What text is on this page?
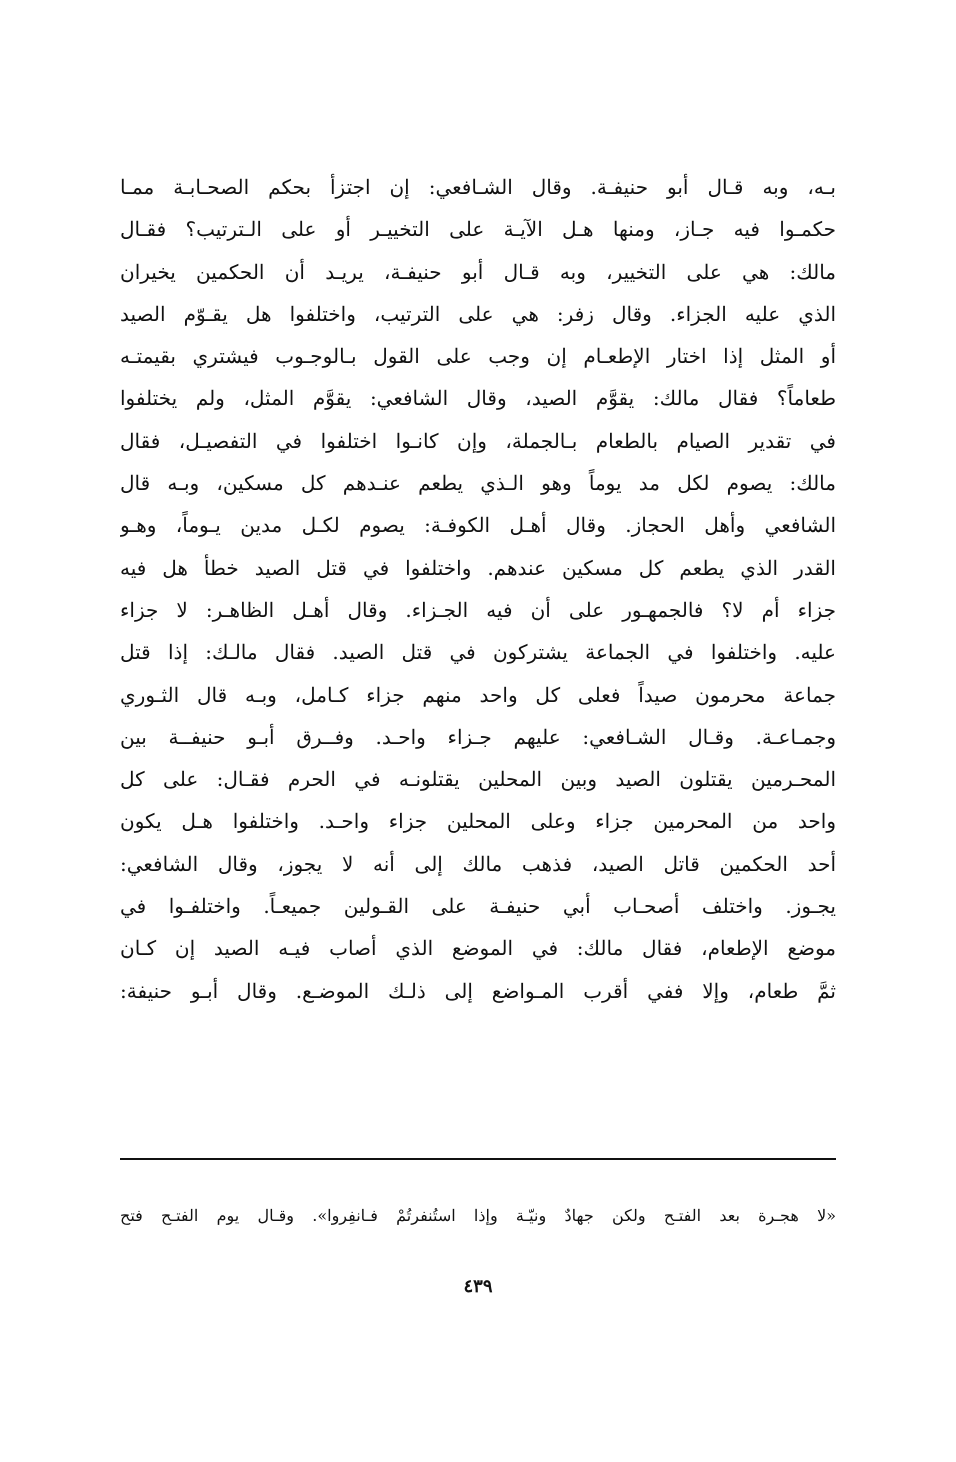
بـه، وبه قـال أبو حنيفـة. وقال الشـافعي: إن اجتزأ بحكم الصحـابـة ممـا
حكمـوا فيه جـاز، ومنها هـل الآيـة على التخييـر أو على الـترتيب؟ فقـال
مالك: هي على التخيير، وبه قـال أبو حنيفـة، يريـد أن الحكمين يخيران
الذي عليه الجزاء. وقال زفر: هي على الترتيب، واختلفوا هل يقـوّم الصيد
أو المثل إذا اختار الإطعـام إن وجب على القول بـالوجـوب فيشتري بقيمتـه
طعاماً؟ فقال مالك: يقوَّم الصيد، وقال الشافعي: يقوَّم المثل، ولم يختلفوا
في تقدير الصيام بالطعام بـالجملة، وإن كانـوا اختلفوا في التفصيـل، فقال
مالك: يصوم لكل مد يوماً وهو الـذي يطعم عنـدهم كل مسكين، وبـه قال
الشافعي وأهل الحجاز. وقال أهـل الكوفـة: يصوم لكـل مدين يـوماً، وهـو
القدر الذي يطعم كل مسكين عندهم. واختلفوا في قتل الصيد خطأ هل فيه
جزاء أم لا؟ فالجمهـور على أن فيه الجـزاء. وقال أهـل الظاهـر: لا جزاء
عليه. واختلفوا في الجماعة يشتركون في قتل الصيد. فقال مالـك: إذا قتل
جماعة محرمون صيداً فعلى كل واحد منهم جزاء كـامل، وبـه قال الثـوري
وجمـاعـة. وقـال الشـافعي: عليهم جـزاء واحـد. وفــرق أبـو حنيفــة بين
المحـرمين يقتلون الصيد وبين المحلين يقتلونـه في الحرم فقـال: على كل
واحد من المحرمين جزاء وعلى المحلين جزاء واحـد. واختلفوا هـل يكون
أحد الحكمين قاتل الصيد، فذهب مالك إلى أنه لا يجوز، وقال الشافعي:
يجـوز. واختلف أصحـاب أبي حنيفـة على القـولين جميعـاً. واختلفـوا في
موضع الإطعام، فقال مالك: في الموضع الذي أصاب فيـه الصيد إن كـان
ثمَّ طعام، وإلا ففي أقرب المـواضع إلى ذلـك الموضـع. وقال أبـو حنيفة:
«لا هجـرة بعد الفتـح ولكن جهادٌ ونيّـة وإذا استُنفرتُمْ فـانفِروا». وقـال يوم الفتـح فتح
٤٣٩
